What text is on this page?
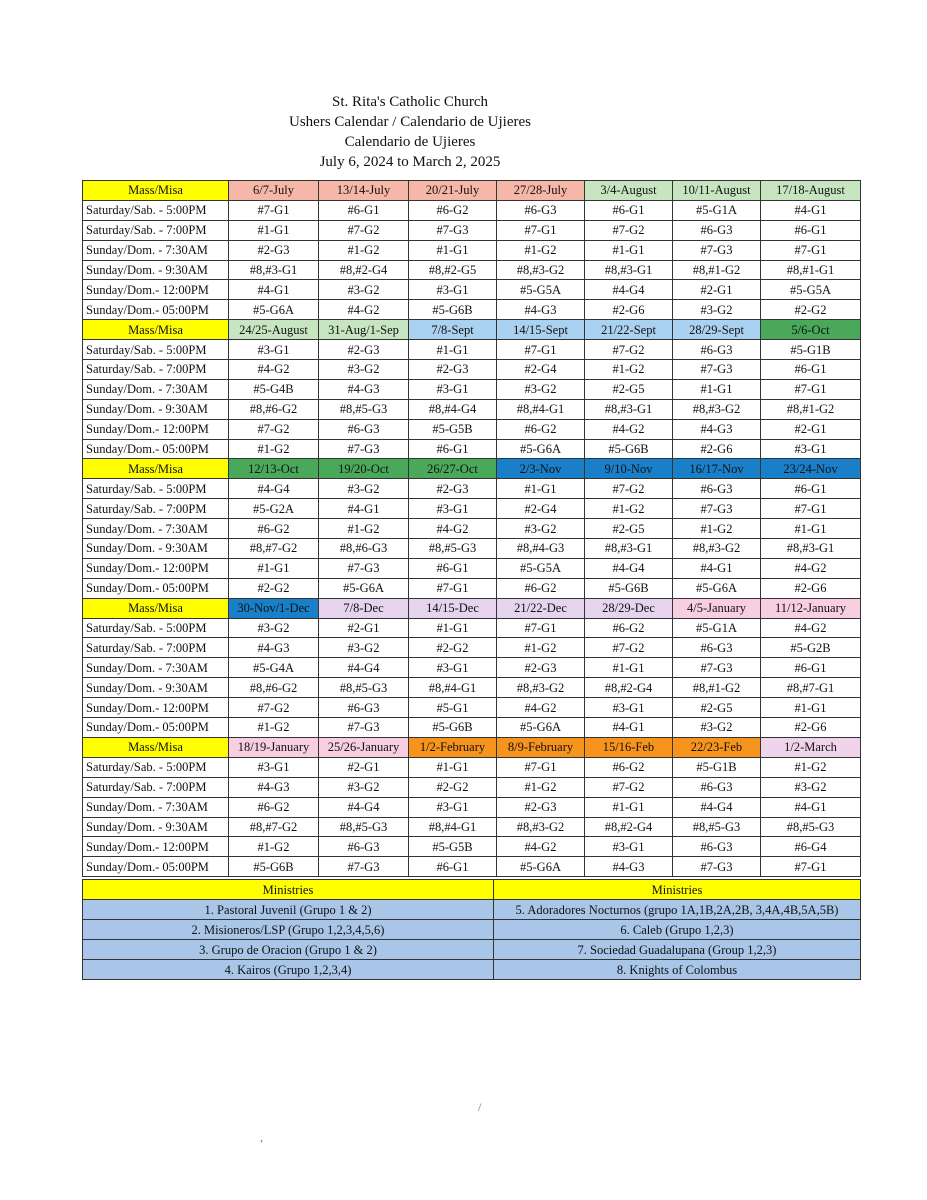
St. Rita's Catholic Church
Ushers Calendar / Calendario de Ujieres
Calendario de Ujieres
July 6, 2024 to March 2, 2025
Mass/Misa	6/7-July	13/14-July	20/21-July	27/28-July	3/4-August	10/11-August	17/18-August
Saturday/Sab. - 5:00PM	#7-G1	#6-G1	#6-G2	#6-G3	#6-G1	#5-G1A	#4-G1
Saturday/Sab. - 7:00PM	#1-G1	#7-G2	#7-G3	#7-G1	#7-G2	#6-G3	#6-G1
Sunday/Dom. - 7:30AM	#2-G3	#1-G2	#1-G1	#1-G2	#1-G1	#7-G3	#7-G1
Sunday/Dom. - 9:30AM	#8,#3-G1	#8,#2-G4	#8,#2-G5	#8,#3-G2	#8,#3-G1	#8,#1-G2	#8,#1-G1
Sunday/Dom.- 12:00PM	#4-G1	#3-G2	#3-G1	#5-G5A	#4-G4	#2-G1	#5-G5A
Sunday/Dom.- 05:00PM	#5-G6A	#4-G2	#5-G6B	#4-G3	#2-G6	#3-G2	#2-G2
Mass/Misa	24/25-August	31-Aug/1-Sep	7/8-Sept	14/15-Sept	21/22-Sept	28/29-Sept	5/6-Oct
Saturday/Sab. - 5:00PM	#3-G1	#2-G3	#1-G1	#7-G1	#7-G2	#6-G3	#5-G1B
Saturday/Sab. - 7:00PM	#4-G2	#3-G2	#2-G3	#2-G4	#1-G2	#7-G3	#6-G1
Sunday/Dom. - 7:30AM	#5-G4B	#4-G3	#3-G1	#3-G2	#2-G5	#1-G1	#7-G1
Sunday/Dom. - 9:30AM	#8,#6-G2	#8,#5-G3	#8,#4-G4	#8,#4-G1	#8,#3-G1	#8,#3-G2	#8,#1-G2
Sunday/Dom.- 12:00PM	#7-G2	#6-G3	#5-G5B	#6-G2	#4-G2	#4-G3	#2-G1
Sunday/Dom.- 05:00PM	#1-G2	#7-G3	#6-G1	#5-G6A	#5-G6B	#2-G6	#3-G1
Mass/Misa	12/13-Oct	19/20-Oct	26/27-Oct	2/3-Nov	9/10-Nov	16/17-Nov	23/24-Nov
Saturday/Sab. - 5:00PM	#4-G4	#3-G2	#2-G3	#1-G1	#7-G2	#6-G3	#6-G1
Saturday/Sab. - 7:00PM	#5-G2A	#4-G1	#3-G1	#2-G4	#1-G2	#7-G3	#7-G1
Sunday/Dom. - 7:30AM	#6-G2	#1-G2	#4-G2	#3-G2	#2-G5	#1-G2	#1-G1
Sunday/Dom. - 9:30AM	#8,#7-G2	#8,#6-G3	#8,#5-G3	#8,#4-G3	#8,#3-G1	#8,#3-G2	#8,#3-G1
Sunday/Dom.- 12:00PM	#1-G1	#7-G3	#6-G1	#5-G5A	#4-G4	#4-G1	#4-G2
Sunday/Dom.- 05:00PM	#2-G2	#5-G6A	#7-G1	#6-G2	#5-G6B	#5-G6A	#2-G6
Mass/Misa	30-Nov/1-Dec	7/8-Dec	14/15-Dec	21/22-Dec	28/29-Dec	4/5-January	11/12-January
Saturday/Sab. - 5:00PM	#3-G2	#2-G1	#1-G1	#7-G1	#6-G2	#5-G1A	#4-G2
Saturday/Sab. - 7:00PM	#4-G3	#3-G2	#2-G2	#1-G2	#7-G2	#6-G3	#5-G2B
Sunday/Dom. - 7:30AM	#5-G4A	#4-G4	#3-G1	#2-G3	#1-G1	#7-G3	#6-G1
Sunday/Dom. - 9:30AM	#8,#6-G2	#8,#5-G3	#8,#4-G1	#8,#3-G2	#8,#2-G4	#8,#1-G2	#8,#7-G1
Sunday/Dom.- 12:00PM	#7-G2	#6-G3	#5-G1	#4-G2	#3-G1	#2-G5	#1-G1
Sunday/Dom.- 05:00PM	#1-G2	#7-G3	#5-G6B	#5-G6A	#4-G1	#3-G2	#2-G6
Mass/Misa	18/19-January	25/26-January	1/2-February	8/9-February	15/16-Feb	22/23-Feb	1/2-March
Saturday/Sab. - 5:00PM	#3-G1	#2-G1	#1-G1	#7-G1	#6-G2	#5-G1B	#1-G2
Saturday/Sab. - 7:00PM	#4-G3	#3-G2	#2-G2	#1-G2	#7-G2	#6-G3	#3-G2
Sunday/Dom. - 7:30AM	#6-G2	#4-G4	#3-G1	#2-G3	#1-G1	#4-G4	#4-G1
Sunday/Dom. - 9:30AM	#8,#7-G2	#8,#5-G3	#8,#4-G1	#8,#3-G2	#8,#2-G4	#8,#5-G3	#8,#5-G3
Sunday/Dom.- 12:00PM	#1-G2	#6-G3	#5-G5B	#4-G2	#3-G1	#6-G3	#6-G4
Sunday/Dom.- 05:00PM	#5-G6B	#7-G3	#6-G1	#5-G6A	#4-G3	#7-G3	#7-G1
Ministries	Ministries
1. Pastoral Juvenil (Grupo 1 & 2)	5. Adoradores Nocturnos (grupo 1A,1B,2A,2B, 3,4A,4B,5A,5B)
2. Misioneros/LSP (Grupo 1,2,3,4,5,6)	6. Caleb (Grupo 1,2,3)
3. Grupo de Oracion (Grupo 1 & 2)	7. Sociedad Guadalupana (Group 1,2,3)
4. Kairos (Grupo 1,2,3,4)	8. Knights of Colombus
/
,
